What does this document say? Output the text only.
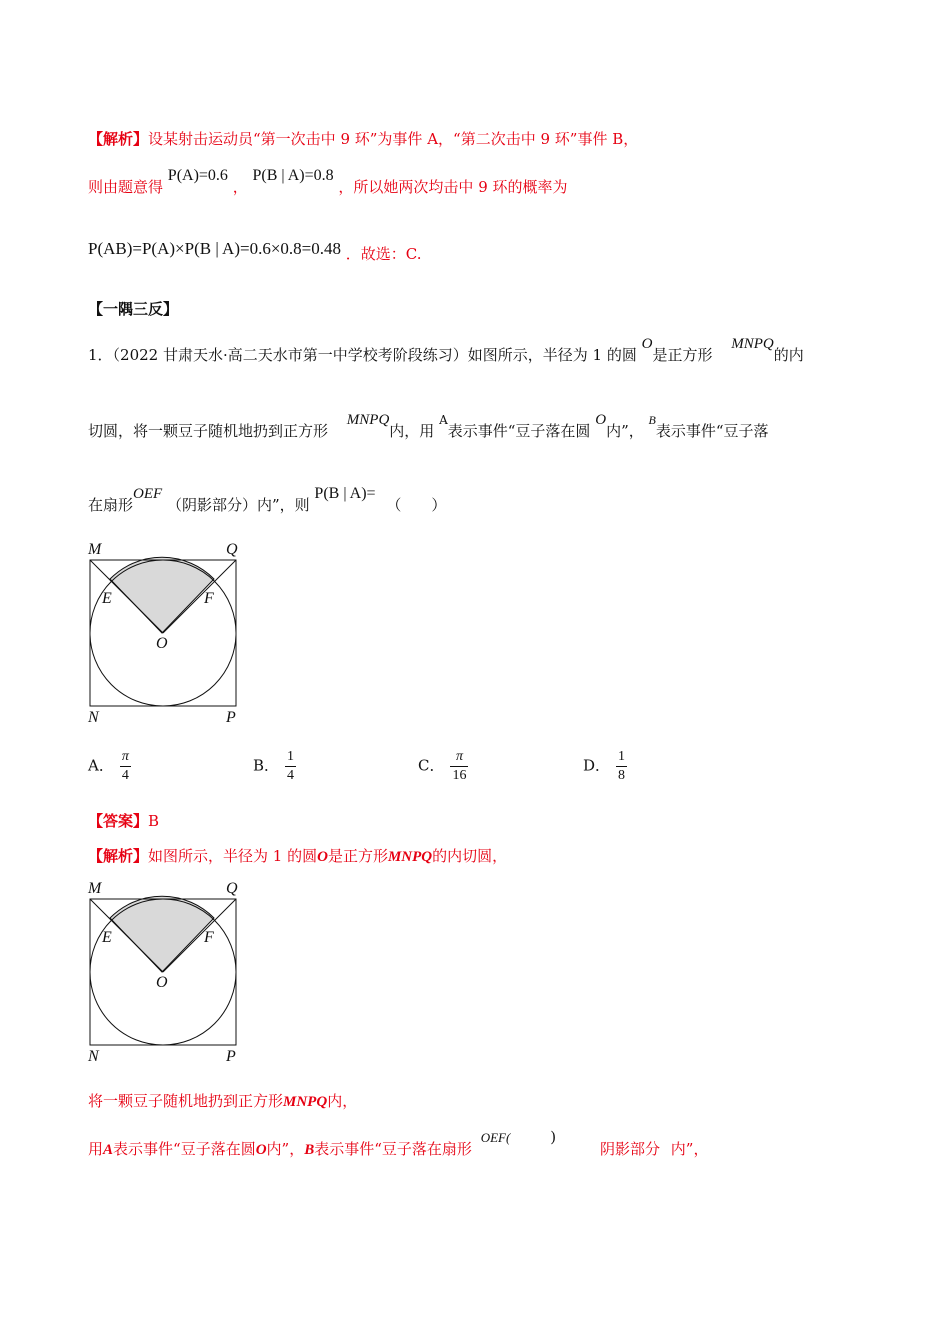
【解析】设某射击运动员“第一次击中 9 环”为事件 A，“第二次击中 9 环”事件 B，
则由题意得 P(A)=0.6 ， P(B | A)=0.8 ，所以她两次均击中 9 环的概率为
P(AB)=P(A)×P(B | A)=0.6×0.8=0.48 ．故选：C.
【一隅三反】
1．（2022 甘肃天水·高二天水市第一中学校考阶段练习）如图所示，半径为 1 的圆 O是正方形 MNPQ的内
切圆，将一颗豆子随机地扔到正方形 MNPQ内，用 $^A$表示事件“豆子落在圆 O内”， $^B$表示事件“豆子落
在扇形OEF （阴影部分）内”，则 P(B | A)= （　　）
M	Q
N	P
E	F
O
A． $\frac{\pi}{4}$	B． $\frac{1}{4}$	C． $\frac{\pi}{16}$	D． $\frac{1}{8}$
【答案】B
【解析】如图所示，半径为 1 的圆O是正方形MNPQ的内切圆，
M	Q
N	P
E	F
O
将一颗豆子随机地扔到正方形MNPQ内，
用A表示事件“豆子落在圆O内”，B表示事件“豆子落在扇形 OEF(	)
阴影部分 内”，
